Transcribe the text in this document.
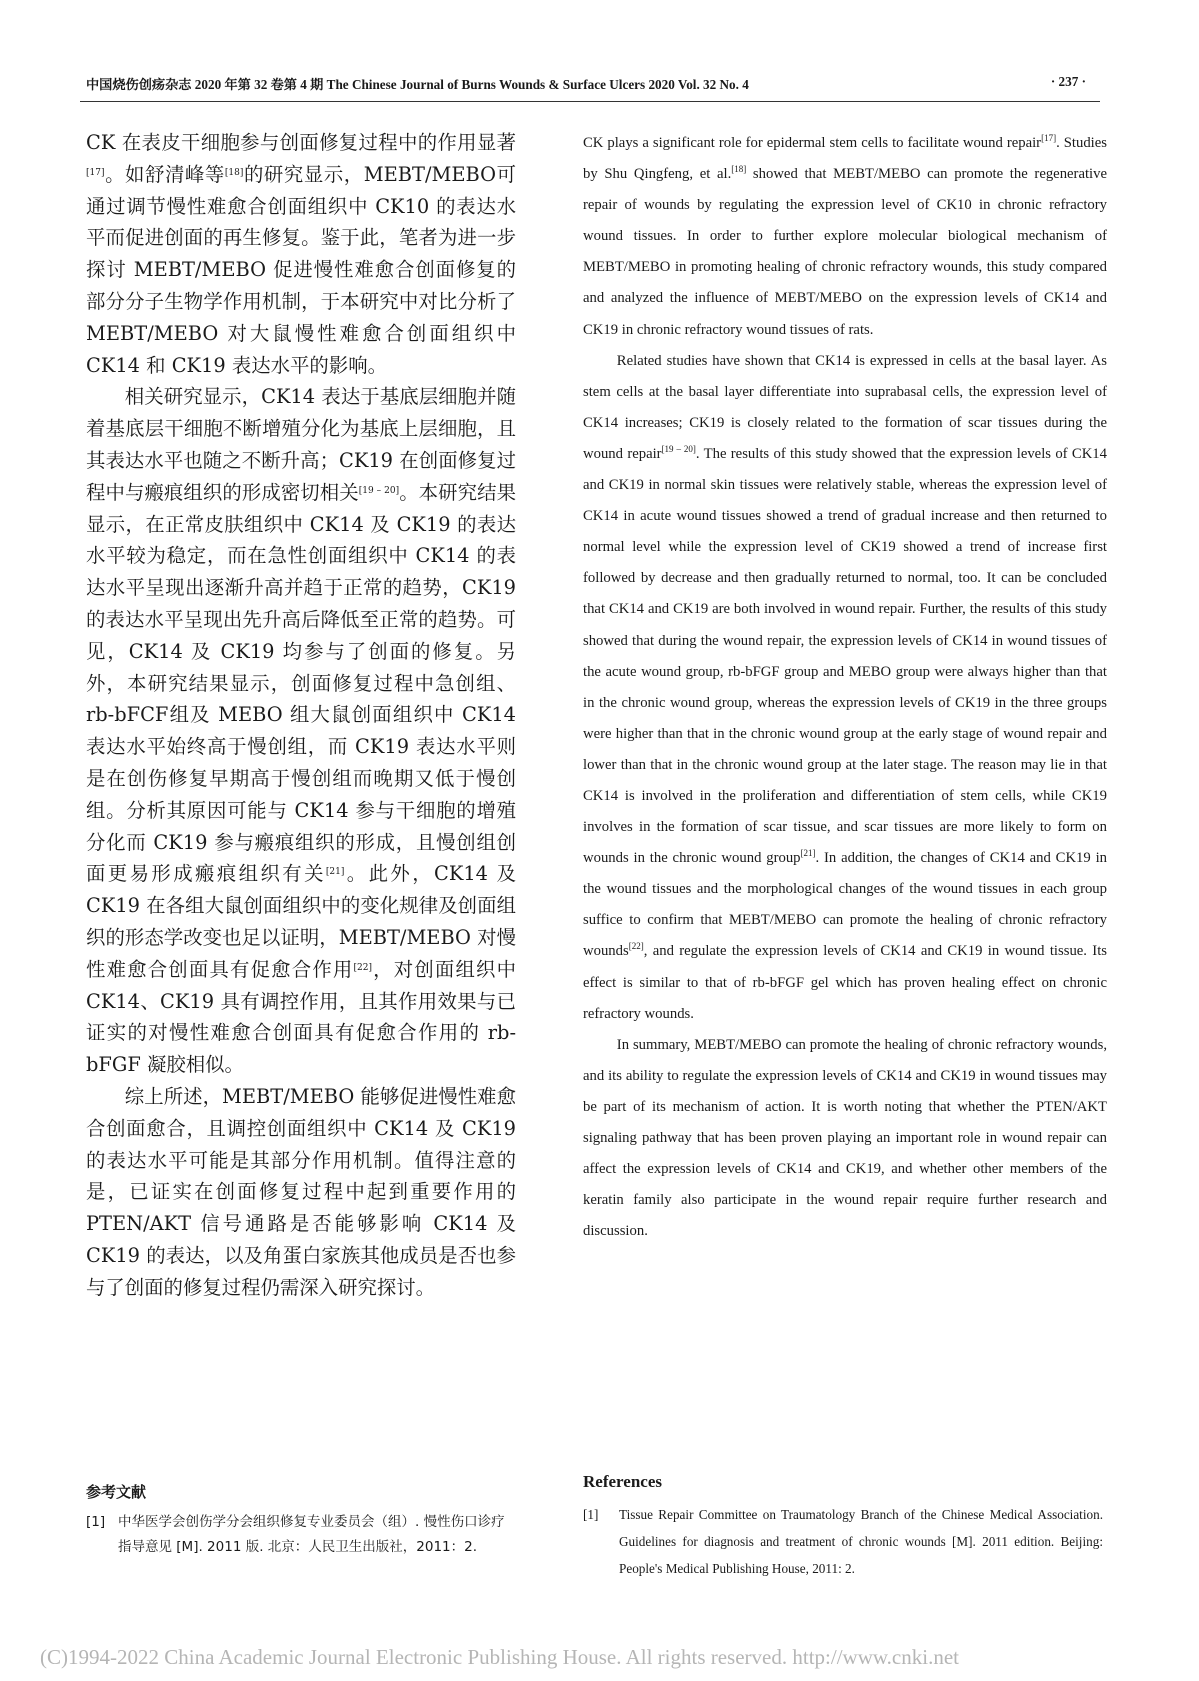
中国烧伤创疡杂志 2020 年第 32 卷第 4 期 The Chinese Journal of Burns Wounds & Surface Ulcers 2020 Vol. 32 No. 4	· 237 ·

CK 在表皮干细胞参与创面修复过程中的作用显著[17]。如舒清峰等[18]的研究显示，MEBT/MEBO可通过调节慢性难愈合创面组织中 CK10 的表达水平而促进创面的再生修复。鉴于此，笔者为进一步探讨 MEBT/MEBO 促进慢性难愈合创面修复的部分分子生物学作用机制，于本研究中对比分析了 MEBT/MEBO 对大鼠慢性难愈合创面组织中 CK14 和 CK19 表达水平的影响。

相关研究显示，CK14 表达于基底层细胞并随着基底层干细胞不断增殖分化为基底上层细胞，且其表达水平也随之不断升高；CK19 在创面修复过程中与瘢痕组织的形成密切相关[19 – 20]。本研究结果显示，在正常皮肤组织中 CK14 及 CK19 的表达水平较为稳定，而在急性创面组织中 CK14 的表达水平呈现出逐渐升高并趋于正常的趋势，CK19 的表达水平呈现出先升高后降低至正常的趋势。可见，CK14 及 CK19 均参与了创面的修复。另外，本研究结果显示，创面修复过程中急创组、rb-bFCF组及 MEBO 组大鼠创面组织中 CK14 表达水平始终高于慢创组，而 CK19 表达水平则是在创伤修复早期高于慢创组而晚期又低于慢创组。分析其原因可能与 CK14 参与干细胞的增殖分化而 CK19 参与瘢痕组织的形成，且慢创组创面更易形成瘢痕组织有关[21]。此外，CK14 及 CK19 在各组大鼠创面组织中的变化规律及创面组织的形态学改变也足以证明，MEBT/MEBO 对慢性难愈合创面具有促愈合作用[22]，对创面组织中 CK14、CK19 具有调控作用，且其作用效果与已证实的对慢性难愈合创面具有促愈合作用的 rb-bFGF 凝胶相似。

综上所述，MEBT/MEBO 能够促进慢性难愈合创面愈合，且调控创面组织中 CK14 及 CK19 的表达水平可能是其部分作用机制。值得注意的是，已证实在创面修复过程中起到重要作用的 PTEN/AKT 信号通路是否能够影响 CK14 及 CK19 的表达，以及角蛋白家族其他成员是否也参与了创面的修复过程仍需深入研究探讨。

参考文献
[1] 中华医学会创伤学分会组织修复专业委员会（组）. 慢性伤口诊疗指导意见 [M]. 2011 版. 北京：人民卫生出版社，2011：2.

CK plays a significant role for epidermal stem cells to facilitate wound repair[17]. Studies by Shu Qingfeng, et al.[18] showed that MEBT/MEBO can promote the regenerative repair of wounds by regulating the expression level of CK10 in chronic refractory wound tissues. In order to further explore molecular biological mechanism of MEBT/MEBO in promoting healing of chronic refractory wounds, this study compared and analyzed the influence of MEBT/MEBO on the expression levels of CK14 and CK19 in chronic refractory wound tissues of rats.

Related studies have shown that CK14 is expressed in cells at the basal layer. As stem cells at the basal layer differentiate into suprabasal cells, the expression level of CK14 increases; CK19 is closely related to the formation of scar tissues during the wound repair[19 – 20]. The results of this study showed that the expression levels of CK14 and CK19 in normal skin tissues were relatively stable, whereas the expression level of CK14 in acute wound tissues showed a trend of gradual increase and then returned to normal level while the expression level of CK19 showed a trend of increase first followed by decrease and then gradually returned to normal, too. It can be concluded that CK14 and CK19 are both involved in wound repair. Further, the results of this study showed that during the wound repair, the expression levels of CK14 in wound tissues of the acute wound group, rb-bFGF group and MEBO group were always higher than that in the chronic wound group, whereas the expression levels of CK19 in the three groups were higher than that in the chronic wound group at the early stage of wound repair and lower than that in the chronic wound group at the later stage. The reason may lie in that CK14 is involved in the proliferation and differentiation of stem cells, while CK19 involves in the formation of scar tissue, and scar tissues are more likely to form on wounds in the chronic wound group[21]. In addition, the changes of CK14 and CK19 in the wound tissues and the morphological changes of the wound tissues in each group suffice to confirm that MEBT/MEBO can promote the healing of chronic refractory wounds[22], and regulate the expression levels of CK14 and CK19 in wound tissue. Its effect is similar to that of rb-bFGF gel which has proven healing effect on chronic refractory wounds.

In summary, MEBT/MEBO can promote the healing of chronic refractory wounds, and its ability to regulate the expression levels of CK14 and CK19 in wound tissues may be part of its mechanism of action. It is worth noting that whether the PTEN/AKT signaling pathway that has been proven playing an important role in wound repair can affect the expression levels of CK14 and CK19, and whether other members of the keratin family also participate in the wound repair require further research and discussion.

References
[1] Tissue Repair Committee on Traumatology Branch of the Chinese Medical Association. Guidelines for diagnosis and treatment of chronic wounds [M]. 2011 edition. Beijing: People's Medical Publishing House, 2011: 2.
(C)1994-2022 China Academic Journal Electronic Publishing House. All rights reserved. http://www.cnki.net
